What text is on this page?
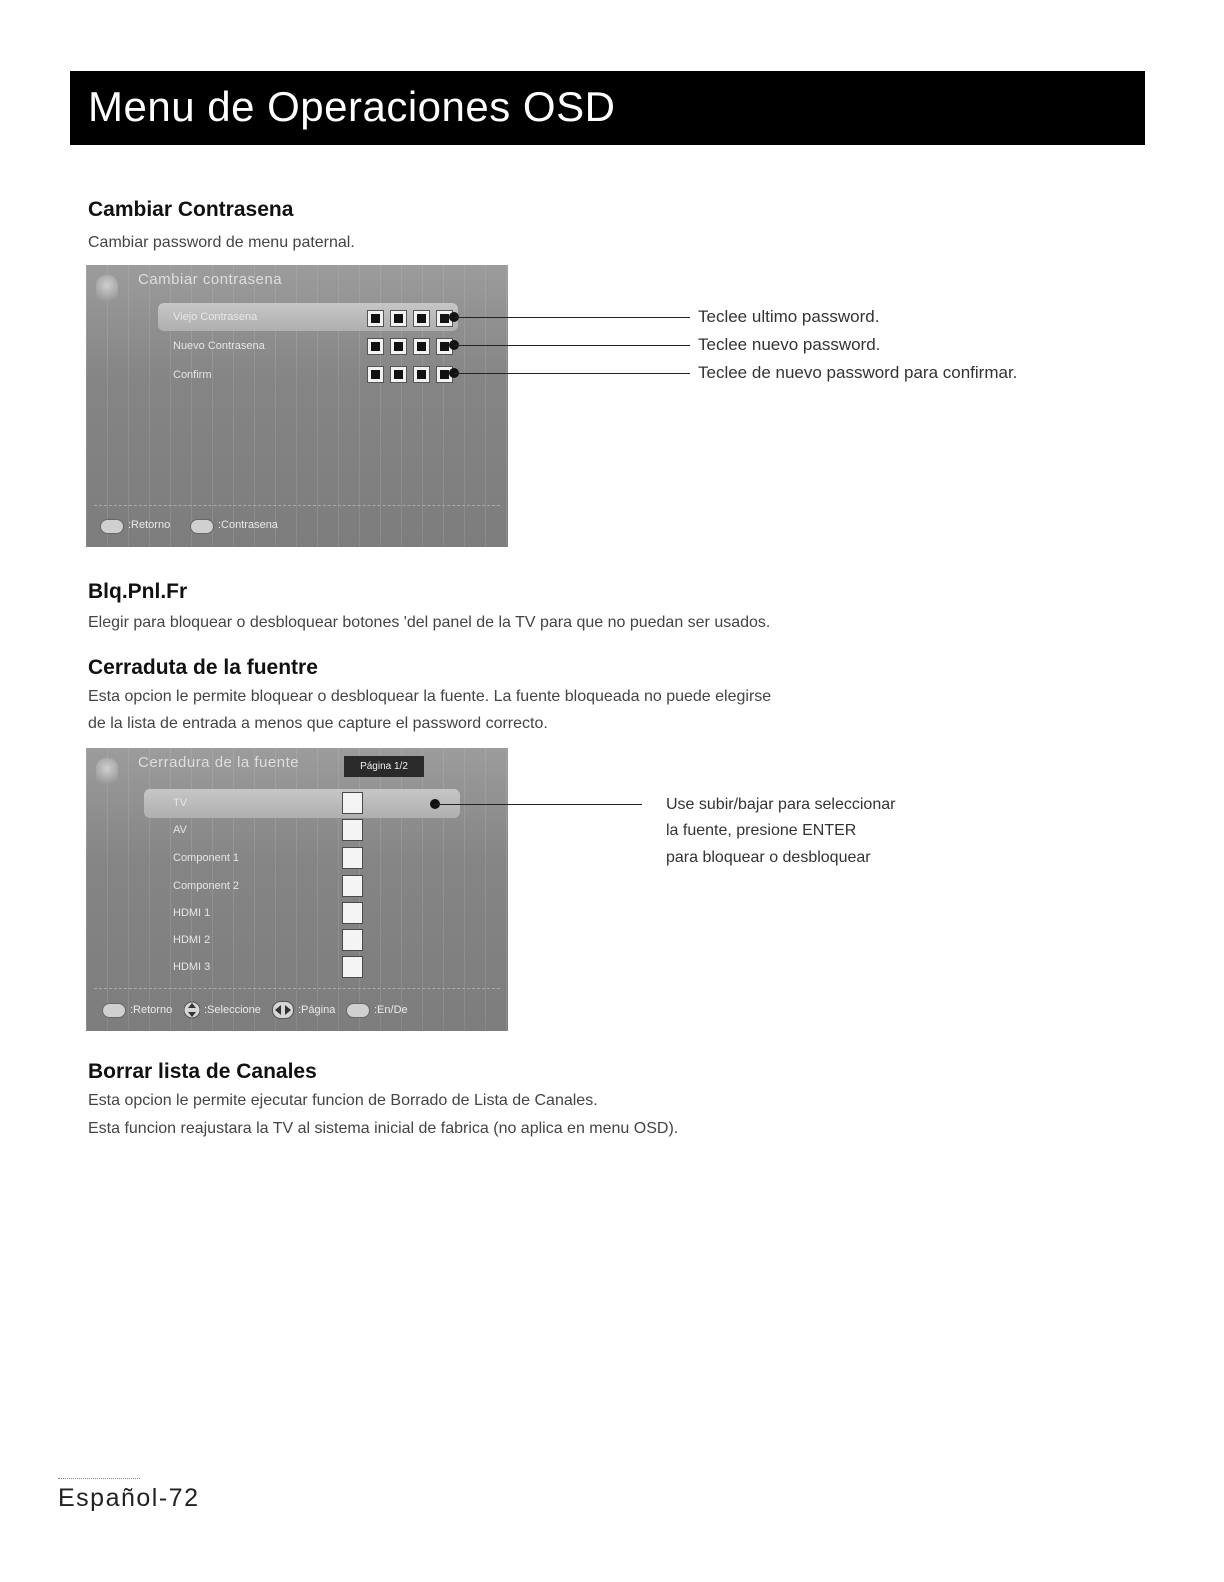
Menu de Operaciones OSD
Cambiar Contrasena
Cambiar password de menu paternal.
Cambiar contrasena
Viejo Contrasena
Nuevo Contrasena
Confirm
:Retorno	:Contrasena
Teclee ultimo password.
Teclee nuevo password.
Teclee de nuevo password para confirmar.
Blq.Pnl.Fr
Elegir para bloquear o desbloquear botones 'del panel de la TV para que no puedan ser usados.
Cerraduta de la fuentre
Esta opcion le permite bloquear o desbloquear la fuente. La fuente bloqueada no puede elegirse
de la lista de entrada a menos que capture el password correcto.
Cerradura de la fuente	Página 1/2
TV
AV
Component 1
Component 2
HDMI 1
HDMI 2
HDMI 3
:Retorno	:Seleccione	:Página	:En/De
Use subir/bajar para seleccionar
la fuente, presione ENTER
para bloquear o desbloquear
Borrar lista de Canales
Esta opcion le permite ejecutar funcion de Borrado de Lista de Canales.
Esta funcion reajustara la TV al sistema inicial de fabrica (no aplica en menu OSD).
Español-72
